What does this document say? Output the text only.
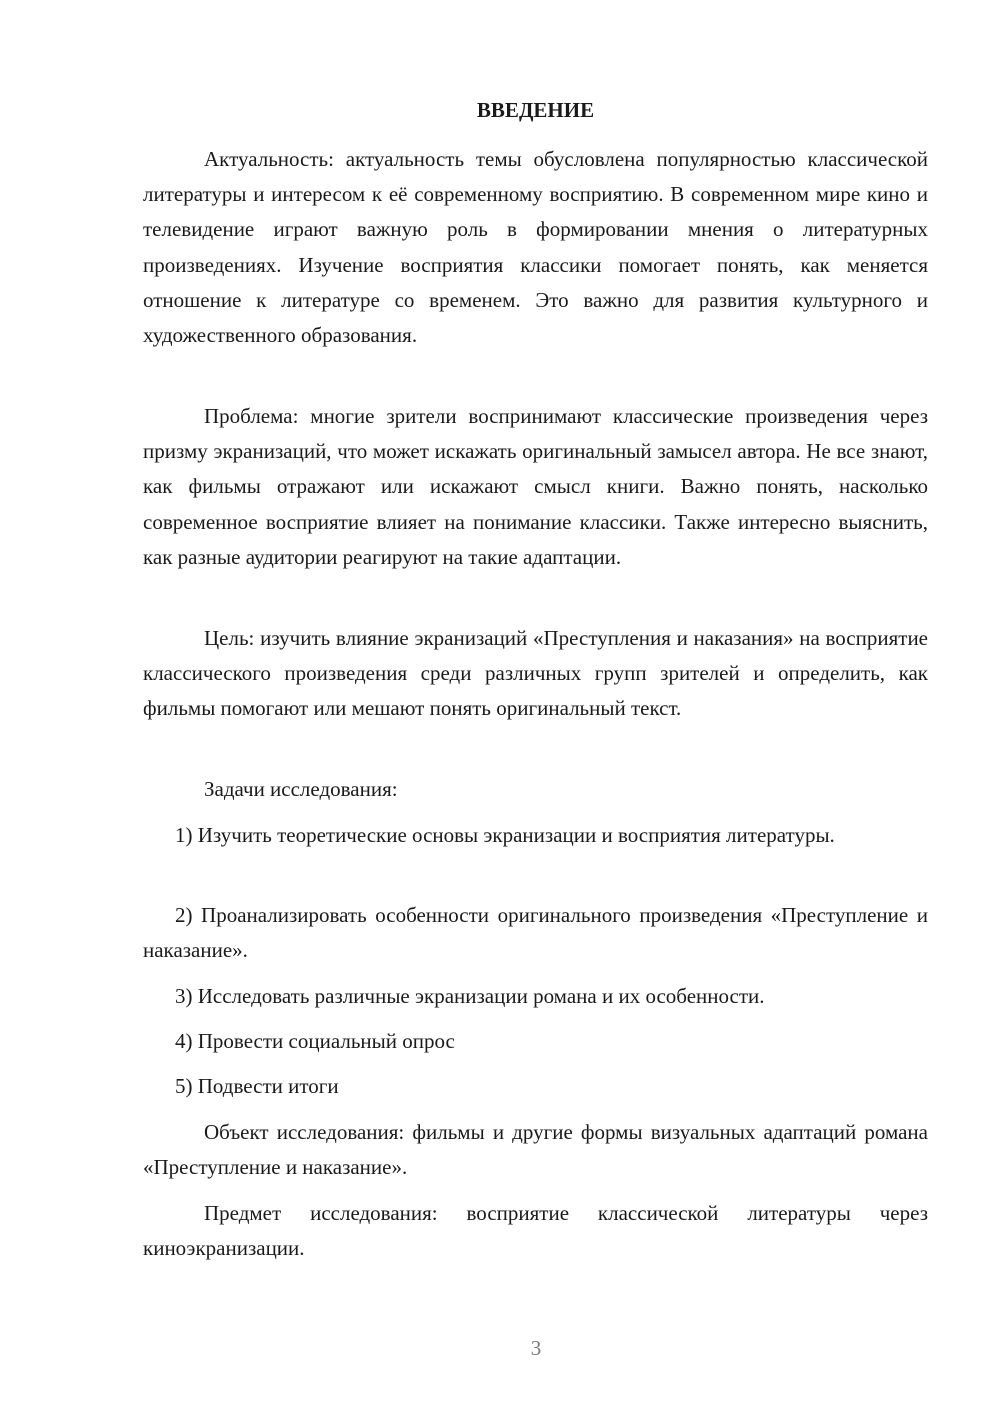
ВВЕДЕНИЕ

Актуальность: актуальность темы обусловлена популярностью классической литературы и интересом к её современному восприятию. В современном мире кино и телевидение играют важную роль в формировании мнения о литературных произведениях. Изучение восприятия классики помогает понять, как меняется отношение к литературе со временем. Это важно для развития культурного и художественного образования.

Проблема: многие зрители воспринимают классические произведения через призму экранизаций, что может искажать оригинальный замысел автора. Не все знают, как фильмы отражают или искажают смысл книги. Важно понять, насколько современное восприятие влияет на понимание классики. Также интересно выяснить, как разные аудитории реагируют на такие адаптации.

Цель: изучить влияние экранизаций «Преступления и наказания» на восприятие классического произведения среди различных групп зрителей и определить, как фильмы помогают или мешают понять оригинальный текст.

Задачи исследования:

1) Изучить теоретические основы экранизации и восприятия литературы.

2) Проанализировать особенности оригинального произведения «Преступление и наказание».

3) Исследовать различные экранизации романа и их особенности.

4) Провести социальный опрос

5) Подвести итоги

Объект исследования: фильмы и другие формы визуальных адаптаций романа «Преступление и наказание».

Предмет исследования: восприятие классической литературы через киноэкранизации.

3
